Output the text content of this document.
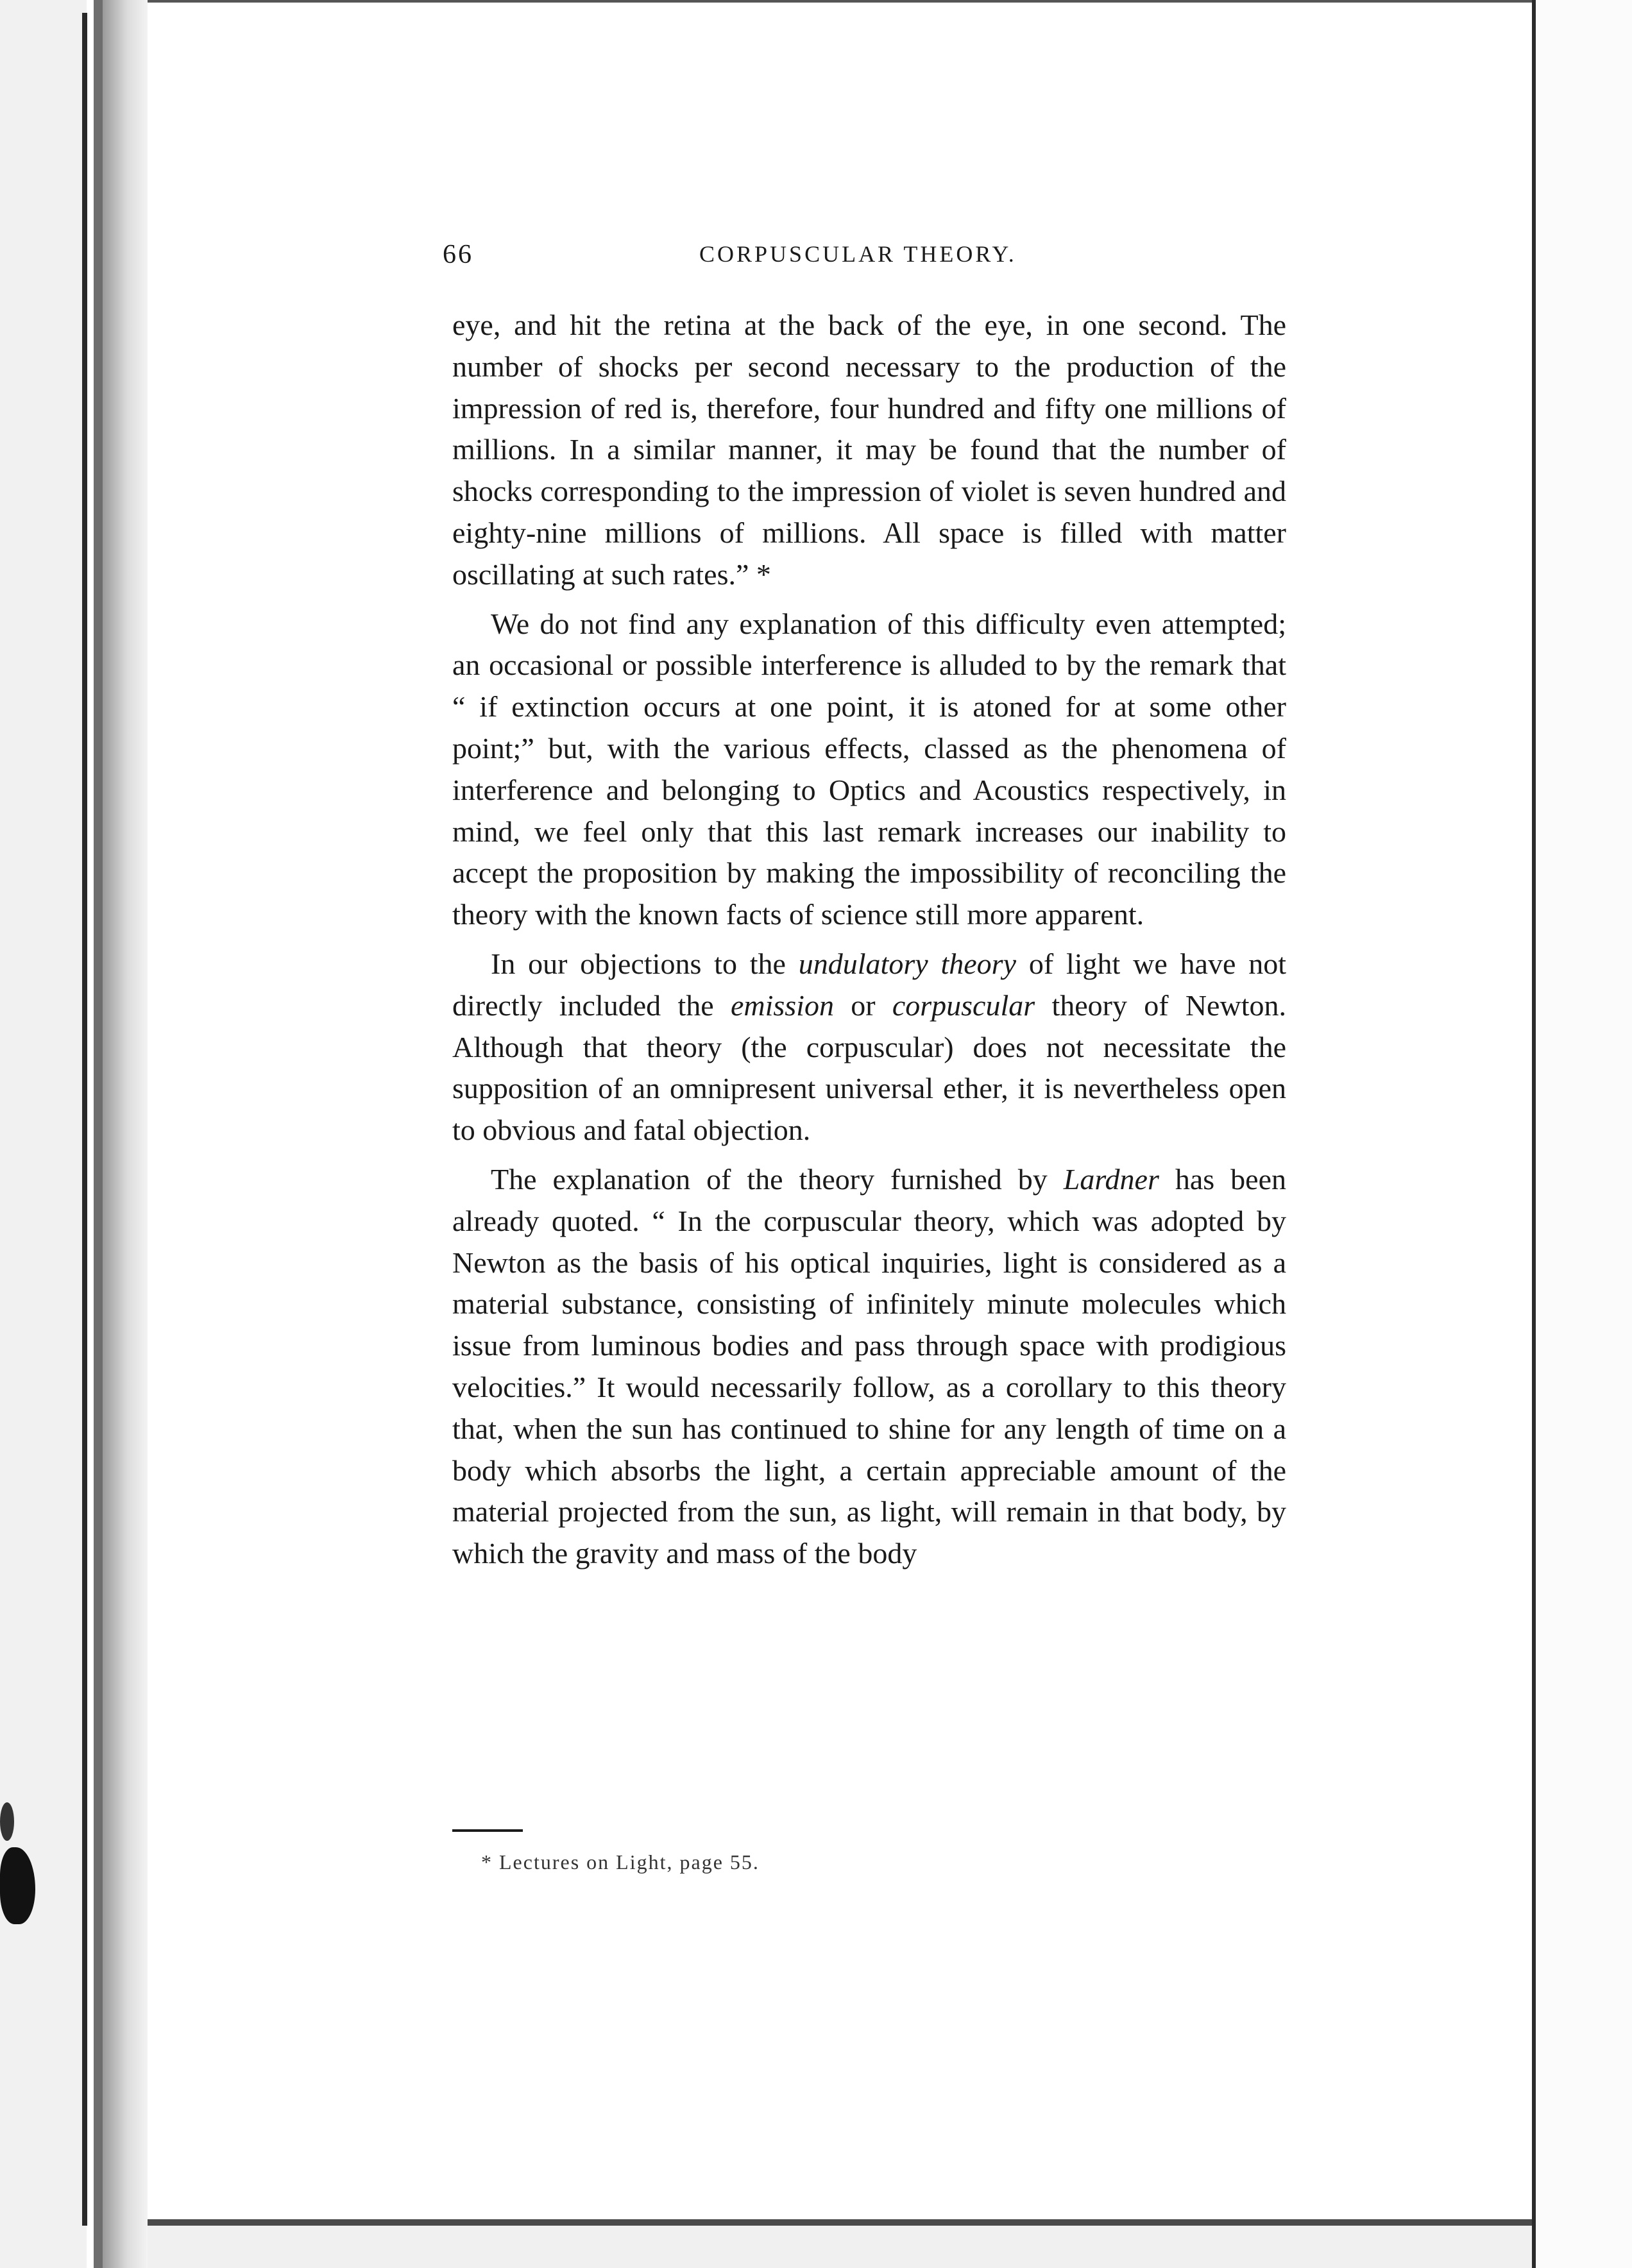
66	CORPUSCULAR THEORY.

eye, and hit the retina at the back of the eye, in one second. The number of shocks per second necessary to the production of the impression of red is, therefore, four hundred and fifty one millions of millions. In a similar manner, it may be found that the number of shocks corresponding to the impression of violet is seven hundred and eighty-nine millions of millions. All space is filled with matter oscillating at such rates.” *

We do not find any explanation of this difficulty even attempted; an occasional or possible interference is alluded to by the remark that “ if extinction occurs at one point, it is atoned for at some other point;” but, with the various effects, classed as the phenomena of interference and belonging to Optics and Acoustics respectively, in mind, we feel only that this last remark increases our inability to accept the proposition by making the impossibility of reconciling the theory with the known facts of science still more apparent.

In our objections to the undulatory theory of light we have not directly included the emission or corpuscular theory of Newton. Although that theory (the corpuscular) does not necessitate the supposition of an omnipresent universal ether, it is nevertheless open to obvious and fatal objection.

The explanation of the theory furnished by Lardner has been already quoted. “ In the corpuscular theory, which was adopted by Newton as the basis of his optical inquiries, light is considered as a material substance, consisting of infinitely minute molecules which issue from luminous bodies and pass through space with prodigious velocities.” It would necessarily follow, as a corollary to this theory that, when the sun has continued to shine for any length of time on a body which absorbs the light, a certain appreciable amount of the material projected from the sun, as light, will remain in that body, by which the gravity and mass of the body

* Lectures on Light, page 55.
